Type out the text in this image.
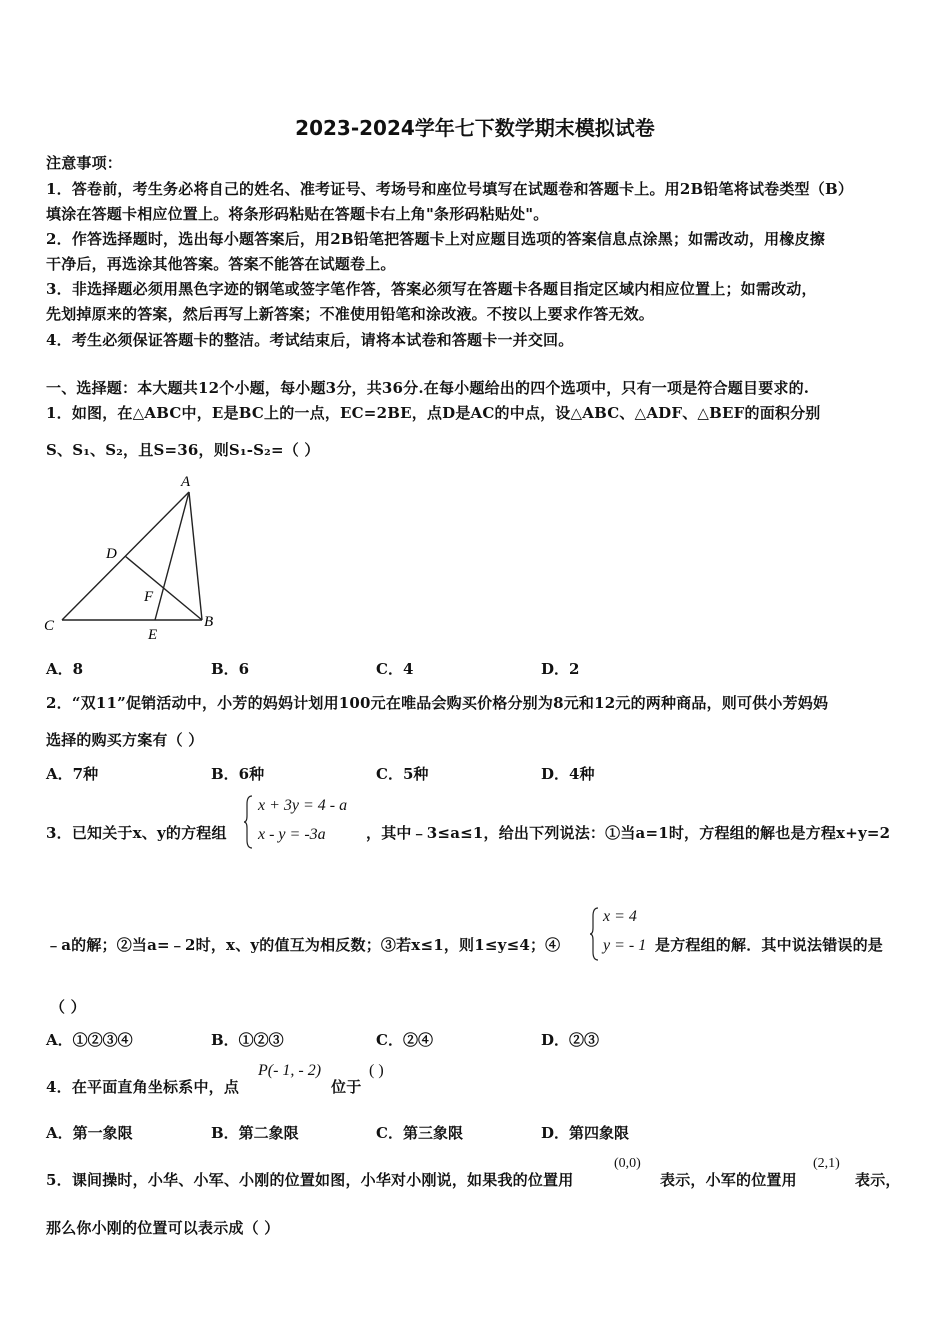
2023-2024学年七下数学期末模拟试卷
注意事项：
1．答卷前，考生务必将自己的姓名、准考证号、考场号和座位号填写在试题卷和答题卡上。用2B铅笔将试卷类型（B）
填涂在答题卡相应位置上。将条形码粘贴在答题卡右上角"条形码粘贴处"。
2．作答选择题时，选出每小题答案后，用2B铅笔把答题卡上对应题目选项的答案信息点涂黑；如需改动，用橡皮擦
干净后，再选涂其他答案。答案不能答在试题卷上。
3．非选择题必须用黑色字迹的钢笔或签字笔作答，答案必须写在答题卡各题目指定区域内相应位置上；如需改动，
先划掉原来的答案，然后再写上新答案；不准使用铅笔和涂改液。不按以上要求作答无效。
4．考生必须保证答题卡的整洁。考试结束后，请将本试卷和答题卡一并交回。
一、选择题：本大题共12个小题，每小题3分，共36分.在每小题给出的四个选项中，只有一项是符合题目要求的.
1．如图，在△ABC中，E是BC上的一点，EC=2BE，点D是AC的中点，设△ABC、△ADF、△BEF的面积分别
S、S₁、S₂，且S=36，则S₁-S₂=（ ）
A
B
C
D
E
F
A．8	B．6	C．4	D．2
2．“双11”促销活动中，小芳的妈妈计划用100元在唯品会购买价格分别为8元和12元的两种商品，则可供小芳妈妈
选择的购买方案有（ ）
A．7种	B．6种	C．5种	D．4种
3．已知关于x、y的方程组
x + 3y = 4 - a
x - y = -3a	，其中﹣3≤a≤1，给出下列说法：①当a=1时，方程组的解也是方程x+y=2
﹣a的解；②当a=﹣2时，x、y的值互为相反数；③若x≤1，则1≤y≤4；④
x = 4
y = - 1 是方程组的解．其中说法错误的是
（ ）
A．①②③④	B．①②③	C．②④	D．②③
4．在平面直角坐标系中，点
P(- 1, - 2)
位于
( )
A．第一象限	B．第二象限	C．第三象限	D．第四象限
5．课间操时，小华、小军、小刚的位置如图，小华对小刚说，如果我的位置用
(0,0)
表示，小军的位置用
(2,1)
表示，
那么你小刚的位置可以表示成（ ）
